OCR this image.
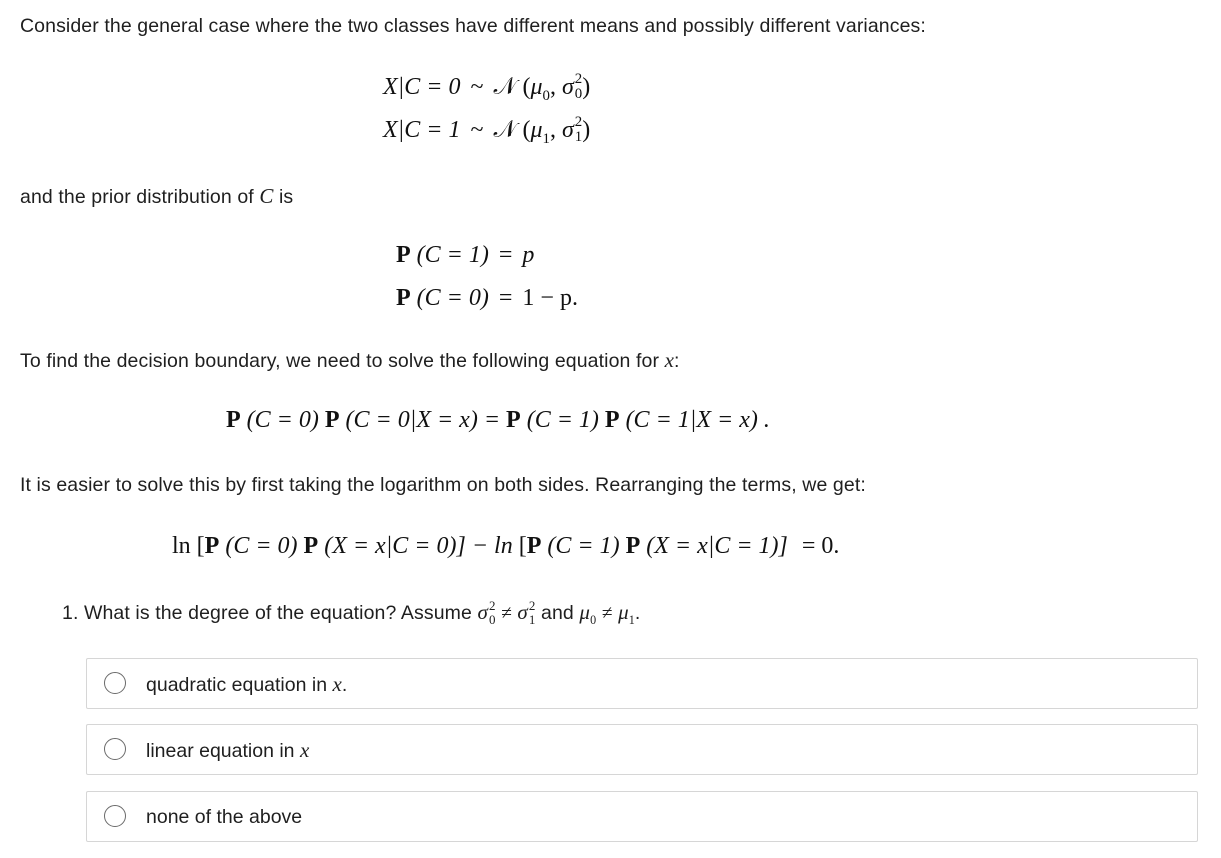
Consider the general case where the two classes have different means and possibly different variances:
X|C = 0 ~ 𝒩 ($\mu_0$, σ 2
0 )
X|C = 1 ~ 𝒩 ($\mu_1$, σ 2
1 )
and the prior distribution of C is
P (C = 1) = p
P (C = 0) = 1 − p.
To find the decision boundary, we need to solve the following equation for x:
P (C = 0) P (C = 0|X = x) = P (C = 1) P (C = 1|X = x) .
It is easier to solve this by first taking the logarithm on both sides. Rearranging the terms, we get:
ln [P (C = 0) P (X = x|C = 0)] − ln [P (C = 1) P (X = x|C = 1)] = 0.
1. What is the degree of the equation? Assume σ 2
0 ≠ σ 2
1 and $\mu_0 \ne \mu_1$.
quadratic equation in x.
linear equation in x
none of the above
